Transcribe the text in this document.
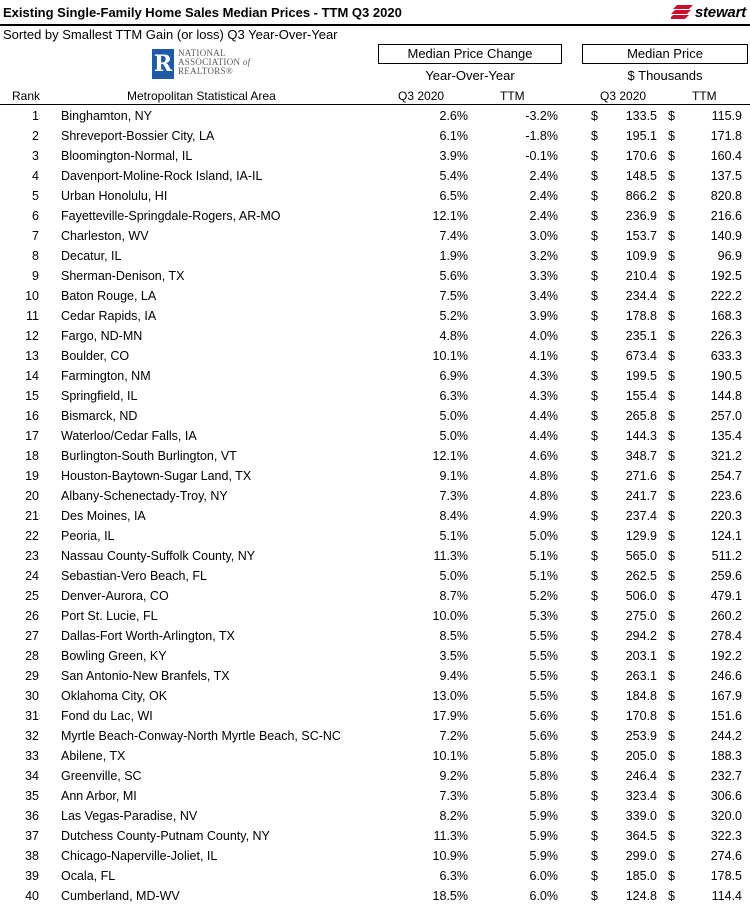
Existing Single-Family Home Sales Median Prices - TTM Q3 2020	stewart
Sorted by Smallest TTM Gain (or loss) Q3 Year-Over-Year
R NATIONAL
ASSOCIATION of
REALTORS®
Median Price Change
Year-Over-Year
Median Price
$ Thousands
Rank	Metropolitan Statistical Area	Q3 2020	TTM	Q3 2020	TTM
1 Binghamton, NY	2.6%	-3.2%	$	133.5 $	115.9
2 Shreveport-Bossier City, LA	6.1%	-1.8%	$	195.1 $	171.8
3 Bloomington-Normal, IL	3.9%	-0.1%	$	170.6 $	160.4
4 Davenport-Moline-Rock Island, IA-IL	5.4%	2.4%	$	148.5 $	137.5
5 Urban Honolulu, HI	6.5%	2.4%	$	866.2 $	820.8
6 Fayetteville-Springdale-Rogers, AR-MO	12.1%	2.4%	$	236.9 $	216.6
7 Charleston, WV	7.4%	3.0%	$	153.7 $	140.9
8 Decatur, IL	1.9%	3.2%	$	109.9 $	96.9
9 Sherman-Denison, TX	5.6%	3.3%	$	210.4 $	192.5
10 Baton Rouge, LA	7.5%	3.4%	$	234.4 $	222.2
11 Cedar Rapids, IA	5.2%	3.9%	$	178.8 $	168.3
12 Fargo, ND-MN	4.8%	4.0%	$	235.1 $	226.3
13 Boulder, CO	10.1%	4.1%	$	673.4 $	633.3
14 Farmington, NM	6.9%	4.3%	$	199.5 $	190.5
15 Springfield, IL	6.3%	4.3%	$	155.4 $	144.8
16 Bismarck, ND	5.0%	4.4%	$	265.8 $	257.0
17 Waterloo/Cedar Falls, IA	5.0%	4.4%	$	144.3 $	135.4
18 Burlington-South Burlington, VT	12.1%	4.6%	$	348.7 $	321.2
19 Houston-Baytown-Sugar Land, TX	9.1%	4.8%	$	271.6 $	254.7
20 Albany-Schenectady-Troy, NY	7.3%	4.8%	$	241.7 $	223.6
21 Des Moines, IA	8.4%	4.9%	$	237.4 $	220.3
22 Peoria, IL	5.1%	5.0%	$	129.9 $	124.1
23 Nassau County-Suffolk County, NY	11.3%	5.1%	$	565.0 $	511.2
24 Sebastian-Vero Beach, FL	5.0%	5.1%	$	262.5 $	259.6
25 Denver-Aurora, CO	8.7%	5.2%	$	506.0 $	479.1
26 Port St. Lucie, FL	10.0%	5.3%	$	275.0 $	260.2
27 Dallas-Fort Worth-Arlington, TX	8.5%	5.5%	$	294.2 $	278.4
28 Bowling Green, KY	3.5%	5.5%	$	203.1 $	192.2
29 San Antonio-New Branfels, TX	9.4%	5.5%	$	263.1 $	246.6
30 Oklahoma City, OK	13.0%	5.5%	$	184.8 $	167.9
31 Fond du Lac, WI	17.9%	5.6%	$	170.8 $	151.6
32 Myrtle Beach-Conway-North Myrtle Beach, SC-NC	7.2%	5.6%	$	253.9 $	244.2
33 Abilene, TX	10.1%	5.8%	$	205.0 $	188.3
34 Greenville, SC	9.2%	5.8%	$	246.4 $	232.7
35 Ann Arbor, MI	7.3%	5.8%	$	323.4 $	306.6
36 Las Vegas-Paradise, NV	8.2%	5.9%	$	339.0 $	320.0
37 Dutchess County-Putnam County, NY	11.3%	5.9%	$	364.5 $	322.3
38 Chicago-Naperville-Joliet, IL	10.9%	5.9%	$	299.0 $	274.6
39 Ocala, FL	6.3%	6.0%	$	185.0 $	178.5
40 Cumberland, MD-WV	18.5%	6.0%	$	124.8 $	114.4
